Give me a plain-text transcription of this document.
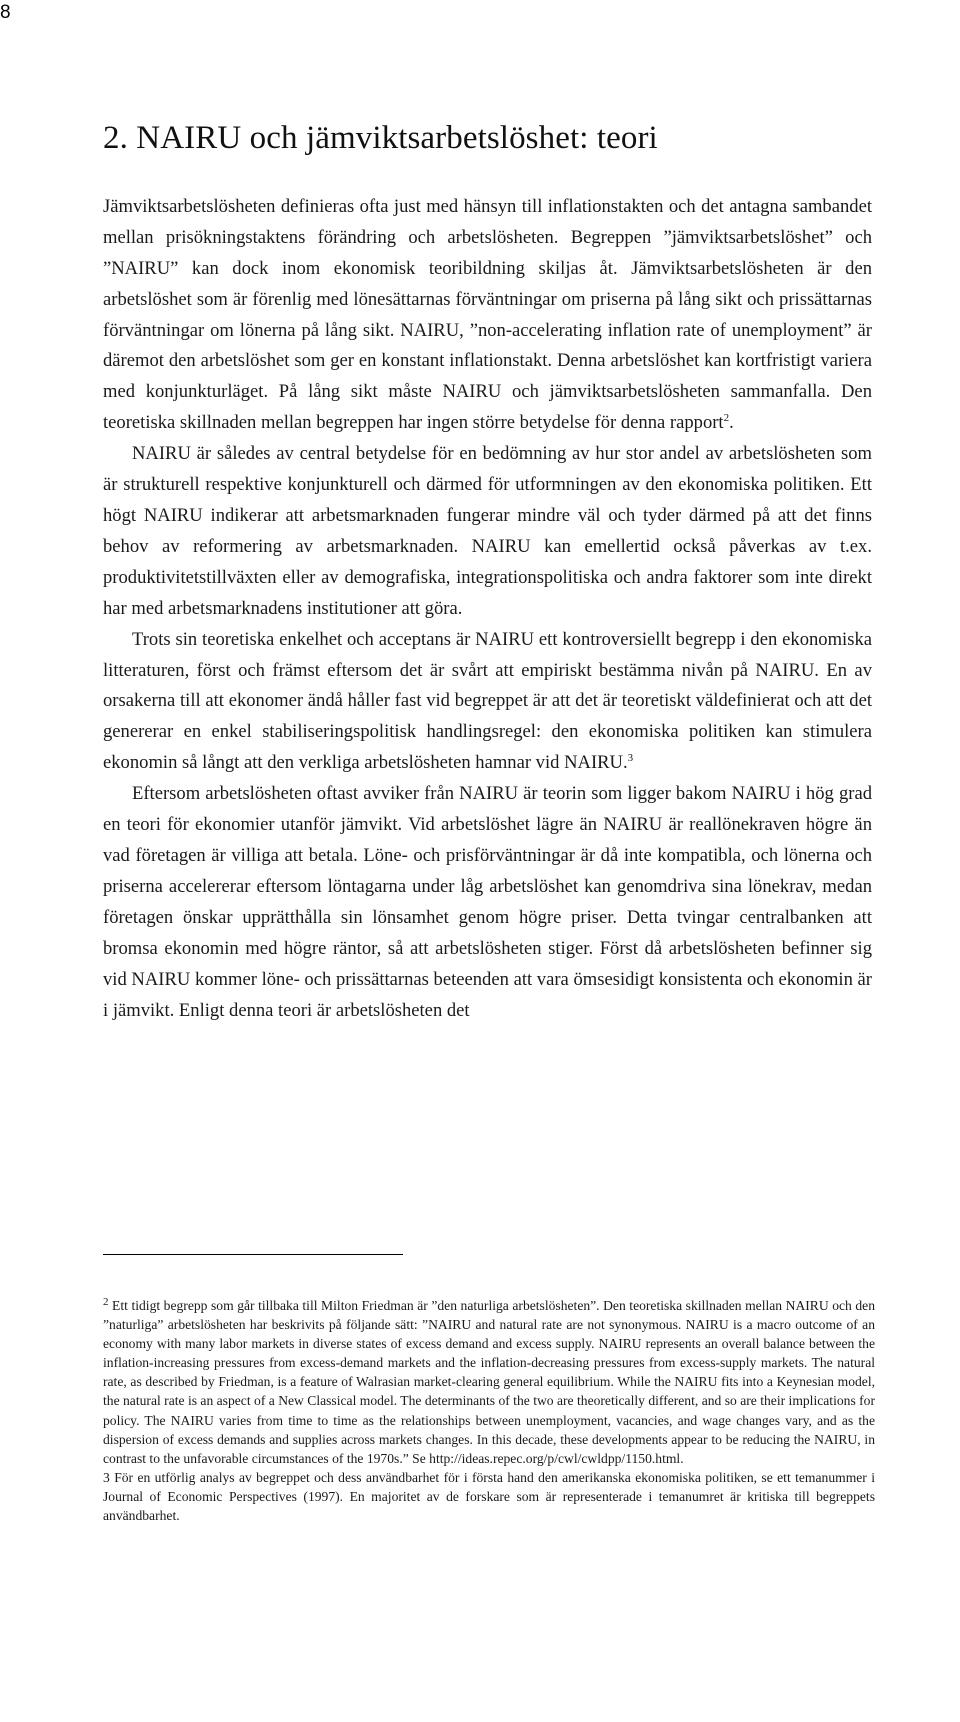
8
2. NAIRU och jämviktsarbetslöshet: teori

Jämviktsarbetslösheten definieras ofta just med hänsyn till inflationstakten och det antagna sambandet mellan prisökningstaktens förändring och arbetslösheten. Begreppen ”jämviktsarbetslöshet” och ”NAIRU” kan dock inom ekonomisk teoribildning skiljas åt. Jämviktsarbetslösheten är den arbetslöshet som är förenlig med lönesättarnas förväntningar om priserna på lång sikt och prissättarnas förväntningar om lönerna på lång sikt. NAIRU, ”non-accelerating inflation rate of unemployment” är däremot den arbetslöshet som ger en konstant inflationstakt. Denna arbetslöshet kan kortfristigt variera med konjunkturläget. På lång sikt måste NAIRU och jämviktsarbetslösheten sammanfalla. Den teoretiska skillnaden mellan begreppen har ingen större betydelse för denna rapport$^2$.

NAIRU är således av central betydelse för en bedömning av hur stor andel av arbetslösheten som är strukturell respektive konjunkturell och därmed för utformningen av den ekonomiska politiken. Ett högt NAIRU indikerar att arbetsmarknaden fungerar mindre väl och tyder därmed på att det finns behov av reformering av arbetsmarknaden. NAIRU kan emellertid också påverkas av t.ex. produktivitetstillväxten eller av demografiska, integrationspolitiska och andra faktorer som inte direkt har med arbetsmarknadens institutioner att göra.

Trots sin teoretiska enkelhet och acceptans är NAIRU ett kontroversiellt begrepp i den ekonomiska litteraturen, först och främst eftersom det är svårt att empiriskt bestämma nivån på NAIRU. En av orsakerna till att ekonomer ändå håller fast vid begreppet är att det är teoretiskt väldefinierat och att det genererar en enkel stabiliseringspolitisk handlingsregel: den ekonomiska politiken kan stimulera ekonomin så långt att den verkliga arbetslösheten hamnar vid NAIRU.$^3$

Eftersom arbetslösheten oftast avviker från NAIRU är teorin som ligger bakom NAIRU i hög grad en teori för ekonomier utanför jämvikt. Vid arbetslöshet lägre än NAIRU är reallönekraven högre än vad företagen är villiga att betala. Löne- och prisförväntningar är då inte kompatibla, och lönerna och priserna accelererar eftersom löntagarna under låg arbetslöshet kan genomdriva sina lönekrav, medan företagen önskar upprätthålla sin lönsamhet genom högre priser. Detta tvingar centralbanken att bromsa ekonomin med högre räntor, så att arbetslösheten stiger. Först då arbetslösheten befinner sig vid NAIRU kommer löne- och prissättarnas beteenden att vara ömsesidigt konsistenta och ekonomin är i jämvikt. Enligt denna teori är arbetslösheten det

$^2$ Ett tidigt begrepp som går tillbaka till Milton Friedman är ”den naturliga arbetslösheten”. Den teoretiska skillnaden mellan NAIRU och den ”naturliga” arbetslösheten har beskrivits på följande sätt: ”NAIRU and natural rate are not synonymous. NAIRU is a macro outcome of an economy with many labor markets in diverse states of excess demand and excess supply. NAIRU represents an overall balance between the inflation-increasing pressures from excess-demand markets and the inflation-decreasing pressures from excess-supply markets. The natural rate, as described by Friedman, is a feature of Walrasian market-clearing general equilibrium. While the NAIRU fits into a Keynesian model, the natural rate is an aspect of a New Classical model. The determinants of the two are theoretically different, and so are their implications for policy. The NAIRU varies from time to time as the relationships between unemployment, vacancies, and wage changes vary, and as the dispersion of excess demands and supplies across markets changes. In this decade, these developments appear to be reducing the NAIRU, in contrast to the unfavorable circumstances of the 1970s.” Se http://ideas.repec.org/p/cwl/cwldpp/1150.html.

3 För en utförlig analys av begreppet och dess användbarhet för i första hand den amerikanska ekonomiska politiken, se ett temanummer i Journal of Economic Perspectives (1997). En majoritet av de forskare som är representerade i temanumret är kritiska till begreppets användbarhet.
